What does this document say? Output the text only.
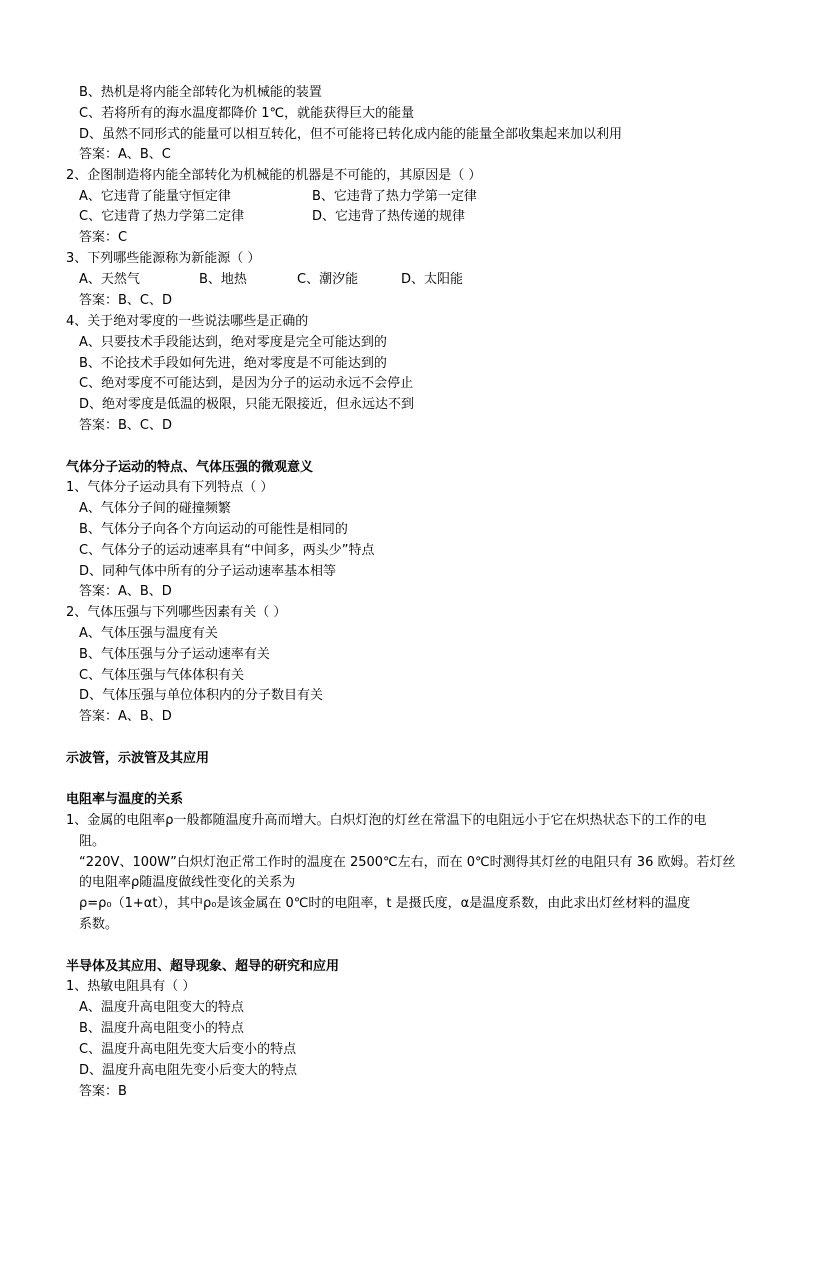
B、热机是将内能全部转化为机械能的装置
C、若将所有的海水温度都降价 1℃，就能获得巨大的能量
D、虽然不同形式的能量可以相互转化，但不可能将已转化成内能的能量全部收集起来加以利用
答案：A、B、C
2、企图制造将内能全部转化为机械能的机器是不可能的，其原因是（ ）
A、它违背了能量守恒定律	B、它违背了热力学第一定律
C、它违背了热力学第二定律	D、它违背了热传递的规律
答案：C
3、下列哪些能源称为新能源（ ）
A、天然气	B、地热	C、潮汐能	D、太阳能
答案：B、C、D
4、关于绝对零度的一些说法哪些是正确的
A、只要技术手段能达到，绝对零度是完全可能达到的
B、不论技术手段如何先进，绝对零度是不可能达到的
C、绝对零度不可能达到，是因为分子的运动永远不会停止
D、绝对零度是低温的极限，只能无限接近，但永远达不到
答案：B、C、D
气体分子运动的特点、气体压强的微观意义
1、气体分子运动具有下列特点（ ）
A、气体分子间的碰撞频繁
B、气体分子向各个方向运动的可能性是相同的
C、气体分子的运动速率具有“中间多，两头少”特点
D、同种气体中所有的分子运动速率基本相等
答案：A、B、D
2、气体压强与下列哪些因素有关（ ）
A、气体压强与温度有关
B、气体压强与分子运动速率有关
C、气体压强与气体体积有关
D、气体压强与单位体积内的分子数目有关
答案：A、B、D
示波管，示波管及其应用
电阻率与温度的关系
1、金属的电阻率ρ一般都随温度升高而增大。白炽灯泡的灯丝在常温下的电阻远小于它在炽热状态下的工作的电
阻。
“220V、100W”白炽灯泡正常工作时的温度在 2500℃左右，而在 0℃时测得其灯丝的电阻只有 36 欧姆。若灯丝
的电阻率ρ随温度做线性变化的关系为
ρ=ρ₀（1+αt），其中ρ₀是该金属在 0℃时的电阻率，t 是摄氏度，α是温度系数，由此求出灯丝材料的温度
系数。
半导体及其应用、超导现象、超导的研究和应用
1、热敏电阻具有（ ）
A、温度升高电阻变大的特点
B、温度升高电阻变小的特点
C、温度升高电阻先变大后变小的特点
D、温度升高电阻先变小后变大的特点
答案：B
